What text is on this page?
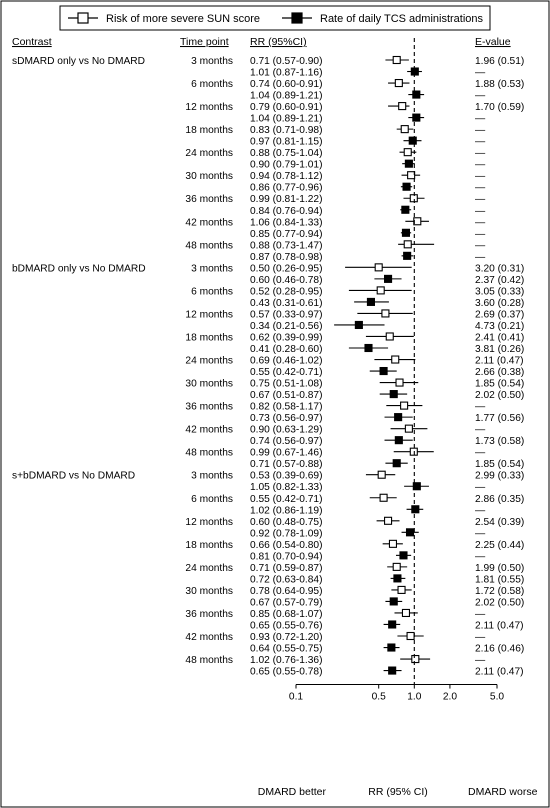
Risk of more severe SUN score	Rate of daily TCS administrations
Contrast	Time point RR (95%CI)	E-value
sDMARD only vs No DMARD	3 months 0.71 (0.57-0.90)	1.96 (0.51)
1.01 (0.87-1.16)	—
6 months 0.74 (0.60-0.91)	1.88 (0.53)
1.04 (0.89-1.21)	—
12 months 0.79 (0.60-0.91)	1.70 (0.59)
1.04 (0.89-1.21)	—
18 months 0.83 (0.71-0.98)	—
0.97 (0.81-1.15)	—
24 months 0.88 (0.75-1.04)	—
0.90 (0.79-1.01)	—
30 months 0.94 (0.78-1.12)	—
0.86 (0.77-0.96)	—
36 months 0.99 (0.81-1.22)	—
0.84 (0.76-0.94)	—
42 months 1.06 (0.84-1.33)	—
0.85 (0.77-0.94)	—
48 months 0.88 (0.73-1.47)	—
0.87 (0.78-0.98)	—
bDMARD only vs No DMARD	3 months 0.50 (0.26-0.95)	3.20 (0.31)
0.60 (0.46-0.78)	2.37 (0.42)
6 months 0.52 (0.28-0.95)	3.05 (0.33)
0.43 (0.31-0.61)	3.60 (0.28)
12 months 0.57 (0.33-0.97)	2.69 (0.37)
0.34 (0.21-0.56)	4.73 (0.21)
18 months 0.62 (0.39-0.99)	2.41 (0.41)
0.41 (0.28-0.60)	3.81 (0.26)
24 months 0.69 (0.46-1.02)	2.11 (0.47)
0.55 (0.42-0.71)	2.66 (0.38)
30 months 0.75 (0.51-1.08)	1.85 (0.54)
0.67 (0.51-0.87)	2.02 (0.50)
36 months 0.82 (0.58-1.17)	—
0.73 (0.56-0.97)	1.77 (0.56)
42 months 0.90 (0.63-1.29)	—
0.74 (0.56-0.97)	1.73 (0.58)
48 months 0.99 (0.67-1.46)	—
0.71 (0.57-0.88)	1.85 (0.54)
s+bDMARD vs No DMARD	3 months 0.53 (0.39-0.69)	2.99 (0.33)
1.05 (0.82-1.33)	—
6 months 0.55 (0.42-0.71)	2.86 (0.35)
1.02 (0.86-1.19)	—
12 months 0.60 (0.48-0.75)	2.54 (0.39)
0.92 (0.78-1.09)	—
18 months 0.66 (0.54-0.80)	2.25 (0.44)
0.81 (0.70-0.94)	—
24 months 0.71 (0.59-0.87)	1.99 (0.50)
0.72 (0.63-0.84)	1.81 (0.55)
30 months 0.78 (0.64-0.95)	1.72 (0.58)
0.67 (0.57-0.79)	2.02 (0.50)
36 months 0.85 (0.68-1.07)	—
0.65 (0.55-0.76)	2.11 (0.47)
42 months 0.93 (0.72-1.20)	—
0.64 (0.55-0.75)	2.16 (0.46)
48 months 1.02 (0.76-1.36)	—
0.65 (0.55-0.78)	2.11 (0.47)
0.1	0.5 1.0 2.0	5.0
DMARD better	RR (95% CI)	DMARD worse
